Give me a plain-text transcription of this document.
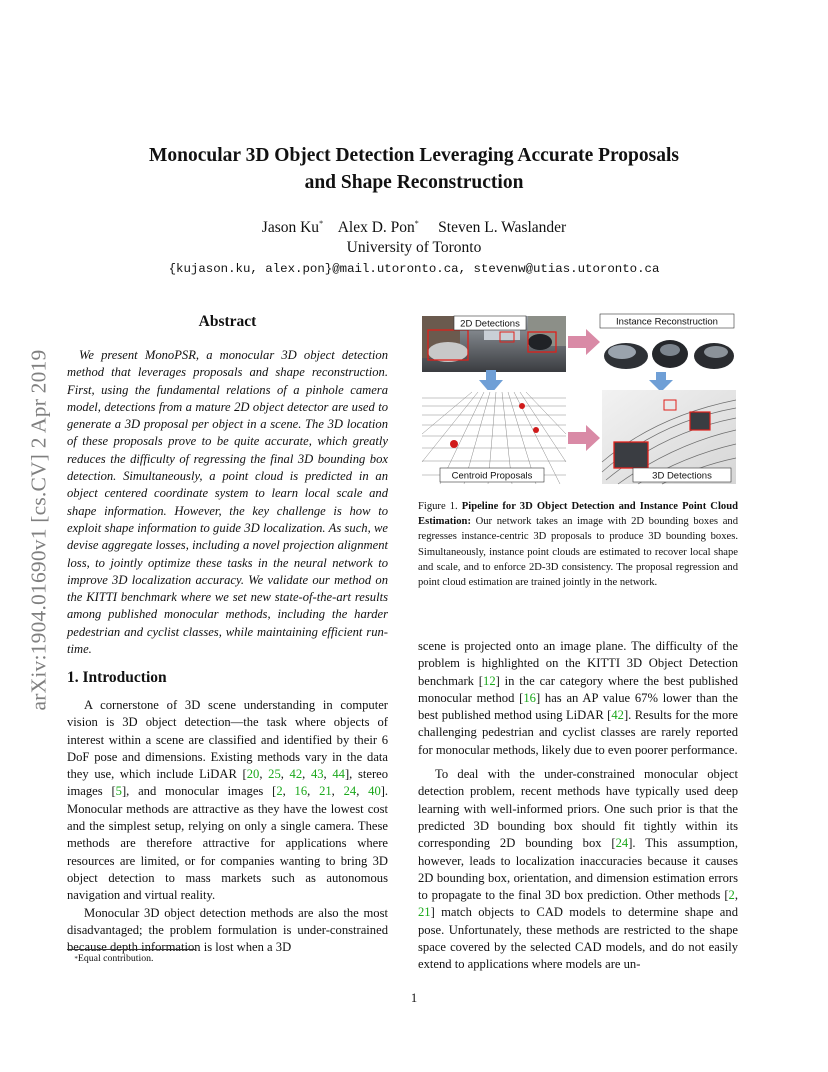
arXiv:1904.01690v1 [cs.CV] 2 Apr 2019
Monocular 3D Object Detection Leveraging Accurate Proposals
and Shape Reconstruction
Jason Ku* Alex D. Pon* Steven L. Waslander
University of Toronto
{kujason.ku, alex.pon}@mail.utoronto.ca, stevenw@utias.utoronto.ca
Abstract
We present MonoPSR, a monocular 3D object detection method that leverages proposals and shape reconstruction. First, using the fundamental relations of a pinhole camera model, detections from a mature 2D object detector are used to generate a 3D proposal per object in a scene. The 3D location of these proposals prove to be quite accurate, which greatly reduces the difficulty of regressing the final 3D bounding box detection. Simultaneously, a point cloud is predicted in an object centered coordinate system to learn local scale and shape information. However, the key challenge is how to exploit shape information to guide 3D localization. As such, we devise aggregate losses, including a novel projection alignment loss, to jointly optimize these tasks in the neural network to improve 3D localization accuracy. We validate our method on the KITTI benchmark where we set new state-of-the-art results among published monocular methods, including the harder pedestrian and cyclist classes, while maintaining efficient run-time.
1. Introduction

A cornerstone of 3D scene understanding in computer vision is 3D object detection—the task where objects of interest within a scene are classified and identified by their 6 DoF pose and dimensions. Existing methods vary in the data they use, which include LiDAR [20, 25, 42, 43, 44], stereo images [5], and monocular images [2, 16, 21, 24, 40]. Monocular methods are attractive as they have the lowest cost and the simplest setup, relying on only a single camera. These methods are therefore attractive for applications where resources are limited, or for companies wanting to bring 3D object detection to mass markets such as autonomous navigation and virtual reality.

Monocular 3D object detection methods are also the most disadvantaged; the problem formulation is under-constrained because depth information is lost when a 3D

*Equal contribution.
2D Detections	Instance Reconstruction
Centroid Proposals	3D Detections
Figure 1. Pipeline for 3D Object Detection and Instance Point Cloud Estimation: Our network takes an image with 2D bounding boxes and regresses instance-centric 3D proposals to produce 3D bounding boxes. Simultaneously, instance point clouds are estimated to recover local shape and scale, and to enforce 2D-3D consistency. The proposal regression and point cloud estimation are trained jointly in the network.

scene is projected onto an image plane. The difficulty of the problem is highlighted on the KITTI 3D Object Detection benchmark [12] in the car category where the best published monocular method [16] has an AP value 67% lower than the best published method using LiDAR [42]. Results for the more challenging pedestrian and cyclist classes are rarely reported for monocular methods, likely due to even poorer performance.

To deal with the under-constrained monocular object detection problem, recent methods have typically used deep learning with well-informed priors. One such prior is that the predicted 3D bounding box should fit tightly within its corresponding 2D bounding box [24]. This assumption, however, leads to localization inaccuracies because it causes 2D bounding box, orientation, and dimension estimation errors to propagate to the final 3D box prediction. Other methods [2, 21] match objects to CAD models to determine shape and pose. Unfortunately, these methods are restricted to the shape space covered by the selected CAD models, and do not easily extend to applications where models are un-

1
